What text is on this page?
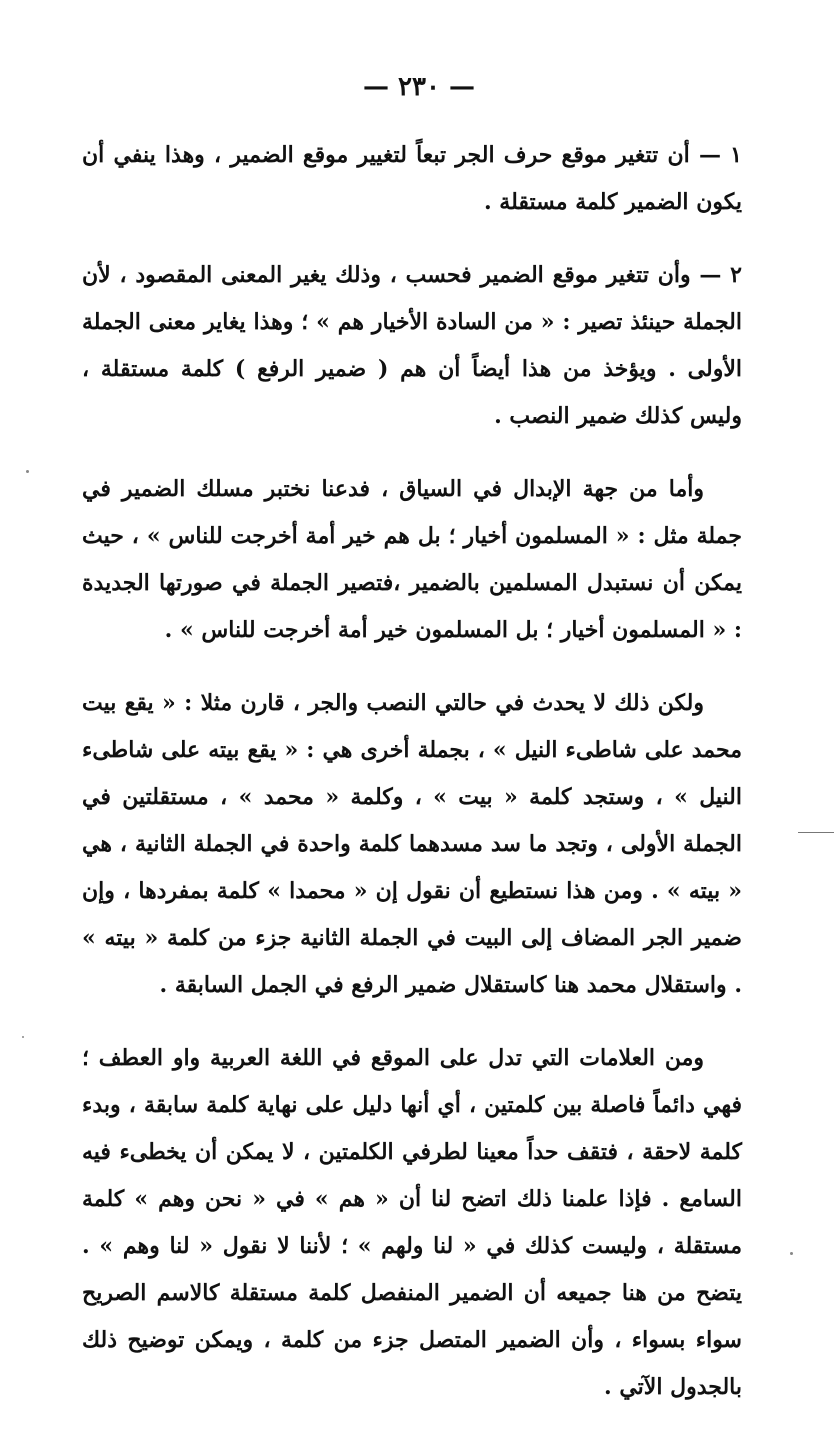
— ٢٣٠ —

١ — أن تتغير موقع حرف الجر تبعاً لتغيير موقع الضمير ، وهذا ينفي أن يكون الضمير كلمة مستقلة .

٢ — وأن تتغير موقع الضمير فحسب ، وذلك يغير المعنى المقصود ، لأن الجملة حينئذ تصير : « من السادة الأخيار هم » ؛ وهذا يغاير معنى الجملة الأولى . ويؤخذ من هذا أيضاً أن هم ( ضمير الرفع ) كلمة مستقلة ، وليس كذلك ضمير النصب .

وأما من جهة الإبدال في السياق ، فدعنا نختبر مسلك الضمير في جملة مثل : « المسلمون أخيار ؛ بل هم خير أمة أخرجت للناس » ، حيث يمكن أن نستبدل المسلمين بالضمير ،فتصير الجملة في صورتها الجديدة : « المسلمون أخيار ؛ بل المسلمون خير أمة أخرجت للناس » .

ولكن ذلك لا يحدث في حالتي النصب والجر ، قارن مثلا : « يقع بيت محمد على شاطىء النيل » ، بجملة أخرى هي : « يقع بيته على شاطىء النيل » ، وستجد كلمة « بيت » ، وكلمة « محمد » ، مستقلتين في الجملة الأولى ، وتجد ما سد مسدهما كلمة واحدة في الجملة الثانية ، هي « بيته » . ومن هذا نستطيع أن نقول إن « محمدا » كلمة بمفردها ، وإن ضمير الجر المضاف إلى البيت في الجملة الثانية جزء من كلمة « بيته » . واستقلال محمد هنا كاستقلال ضمير الرفع في الجمل السابقة .

ومن العلامات التي تدل على الموقع في اللغة العربية واو العطف ؛ فهي دائماً فاصلة بين كلمتين ، أي أنها دليل على نهاية كلمة سابقة ، وبدء كلمة لاحقة ، فتقف حداً معينا لطرفي الكلمتين ، لا يمكن أن يخطىء فيه السامع . فإذا علمنا ذلك اتضح لنا أن « هم » في « نحن وهم » كلمة مستقلة ، وليست كذلك في « لنا ولهم » ؛ لأننا لا نقول « لنا وهم » . يتضح من هنا جميعه أن الضمير المنفصل كلمة مستقلة كالاسم الصريح سواء بسواء ، وأن الضمير المتصل جزء من كلمة ، ويمكن توضيح ذلك بالجدول الآتي .
